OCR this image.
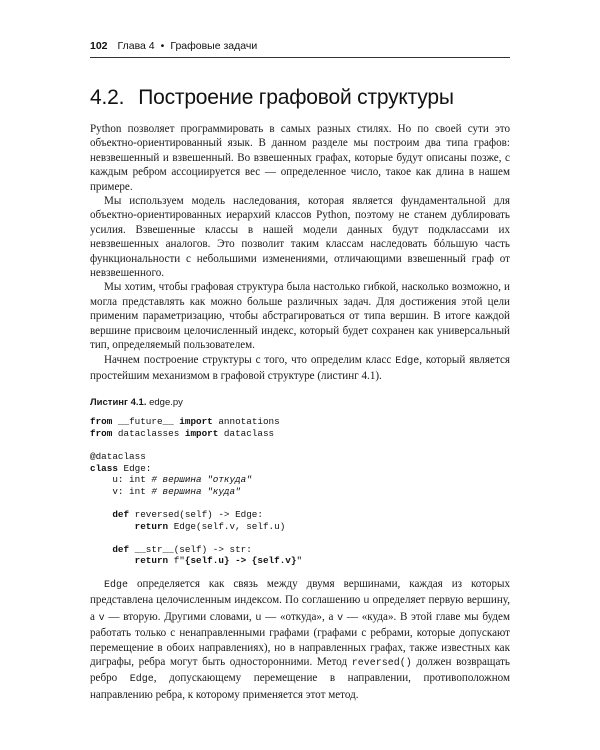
102 Глава 4 • Графовые задачи
4.2. Построение графовой структуры

Python позволяет программировать в самых разных стилях. Но по своей сути это объектно-ориентированный язык. В данном разделе мы построим два типа графов: невзвешенный и взвешенный. Во взвешенных графах, которые будут описаны позже, с каждым ребром ассоциируется вес — определенное число, такое как длина в нашем примере.

Мы используем модель наследования, которая является фундаментальной для объектно-ориентированных иерархий классов Python, поэтому не станем дублировать усилия. Взвешенные классы в нашей модели данных будут подклассами их невзвешенных аналогов. Это позволит таким классам наследовать бóльшую часть функциональности с небольшими изменениями, отличающими взвешенный граф от невзвешенного.

Мы хотим, чтобы графовая структура была настолько гибкой, насколько возможно, и могла представлять как можно больше различных задач. Для достижения этой цели применим параметризацию, чтобы абстрагироваться от типа вершин. В итоге каждой вершине присвоим целочисленный индекс, который будет сохранен как универсальный тип, определяемый пользователем.

Начнем построение структуры с того, что определим класс Edge, который является простейшим механизмом в графовой структуре (листинг 4.1).

Листинг 4.1. edge.py
from __future__ import annotations
from dataclasses import dataclass

@dataclass
class Edge:
u: int # вершина "откуда"
v: int # вершина "куда"

def reversed(self) -> Edge:
return Edge(self.v, self.u)

def __str__(self) -> str:
return f"{self.u} -> {self.v}"

Edge определяется как связь между двумя вершинами, каждая из которых представлена целочисленным индексом. По соглашению u определяет первую вершину, а v — вторую. Другими словами, u — «откуда», а v — «куда». В этой главе мы будем работать только с ненаправленными графами (графами с ребрами, которые допускают перемещение в обоих направлениях), но в направленных графах, также известных как диграфы, ребра могут быть односторонними. Метод reversed() должен возвращать ребро Edge, допускающему перемещение в направлении, противоположном направлению ребра, к которому применяется этот метод.
